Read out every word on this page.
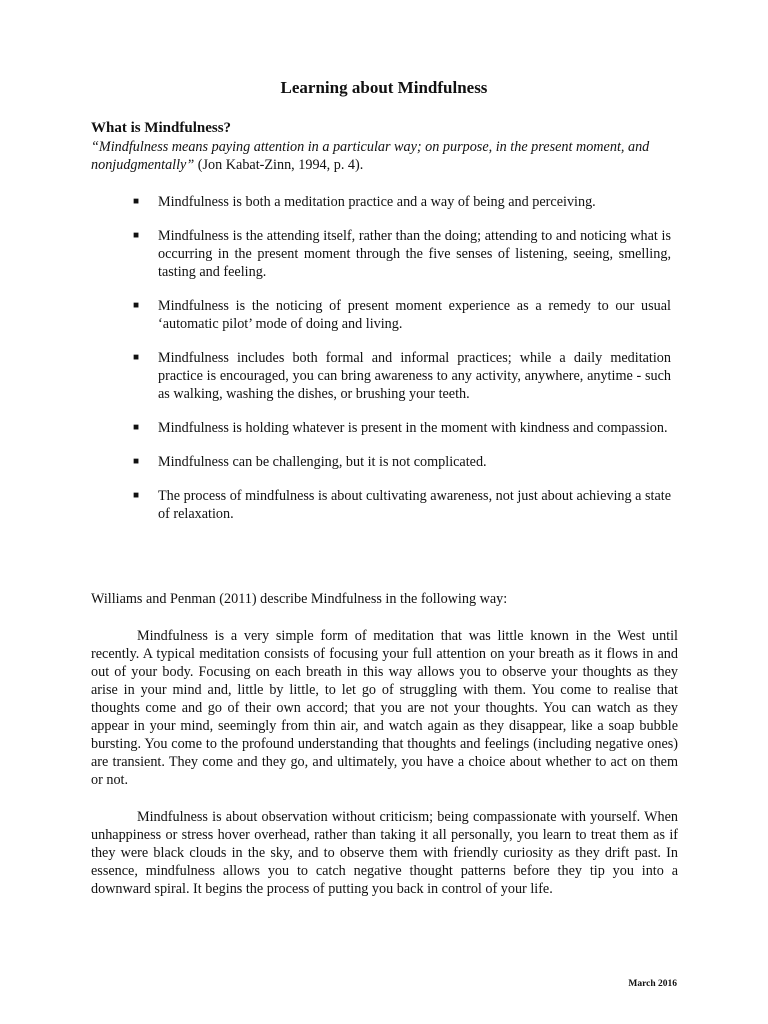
Learning about Mindfulness
What is Mindfulness?
“Mindfulness means paying attention in a particular way; on purpose, in the present moment, and nonjudgmentally” (Jon Kabat-Zinn, 1994, p. 4).
■ Mindfulness is both a meditation practice and a way of being and perceiving.
■ Mindfulness is the attending itself, rather than the doing; attending to and noticing what is occurring in the present moment through the five senses of listening, seeing, smelling, tasting and feeling.
■ Mindfulness is the noticing of present moment experience as a remedy to our usual ‘automatic pilot’ mode of doing and living.
■ Mindfulness includes both formal and informal practices; while a daily meditation practice is encouraged, you can bring awareness to any activity, anywhere, anytime - such as walking, washing the dishes, or brushing your teeth.
■ Mindfulness is holding whatever is present in the moment with kindness and compassion.
■ Mindfulness can be challenging, but it is not complicated.
■ The process of mindfulness is about cultivating awareness, not just about achieving a state of relaxation.
Williams and Penman (2011) describe Mindfulness in the following way:

Mindfulness is a very simple form of meditation that was little known in the West until recently. A typical meditation consists of focusing your full attention on your breath as it flows in and out of your body. Focusing on each breath in this way allows you to observe your thoughts as they arise in your mind and, little by little, to let go of struggling with them. You come to realise that thoughts come and go of their own accord; that you are not your thoughts. You can watch as they appear in your mind, seemingly from thin air, and watch again as they disappear, like a soap bubble bursting. You come to the profound understanding that thoughts and feelings (including negative ones) are transient. They come and they go, and ultimately, you have a choice about whether to act on them or not.

Mindfulness is about observation without criticism; being compassionate with yourself. When unhappiness or stress hover overhead, rather than taking it all personally, you learn to treat them as if they were black clouds in the sky, and to observe them with friendly curiosity as they drift past. In essence, mindfulness allows you to catch negative thought patterns before they tip you into a downward spiral. It begins the process of putting you back in control of your life.

March 2016
